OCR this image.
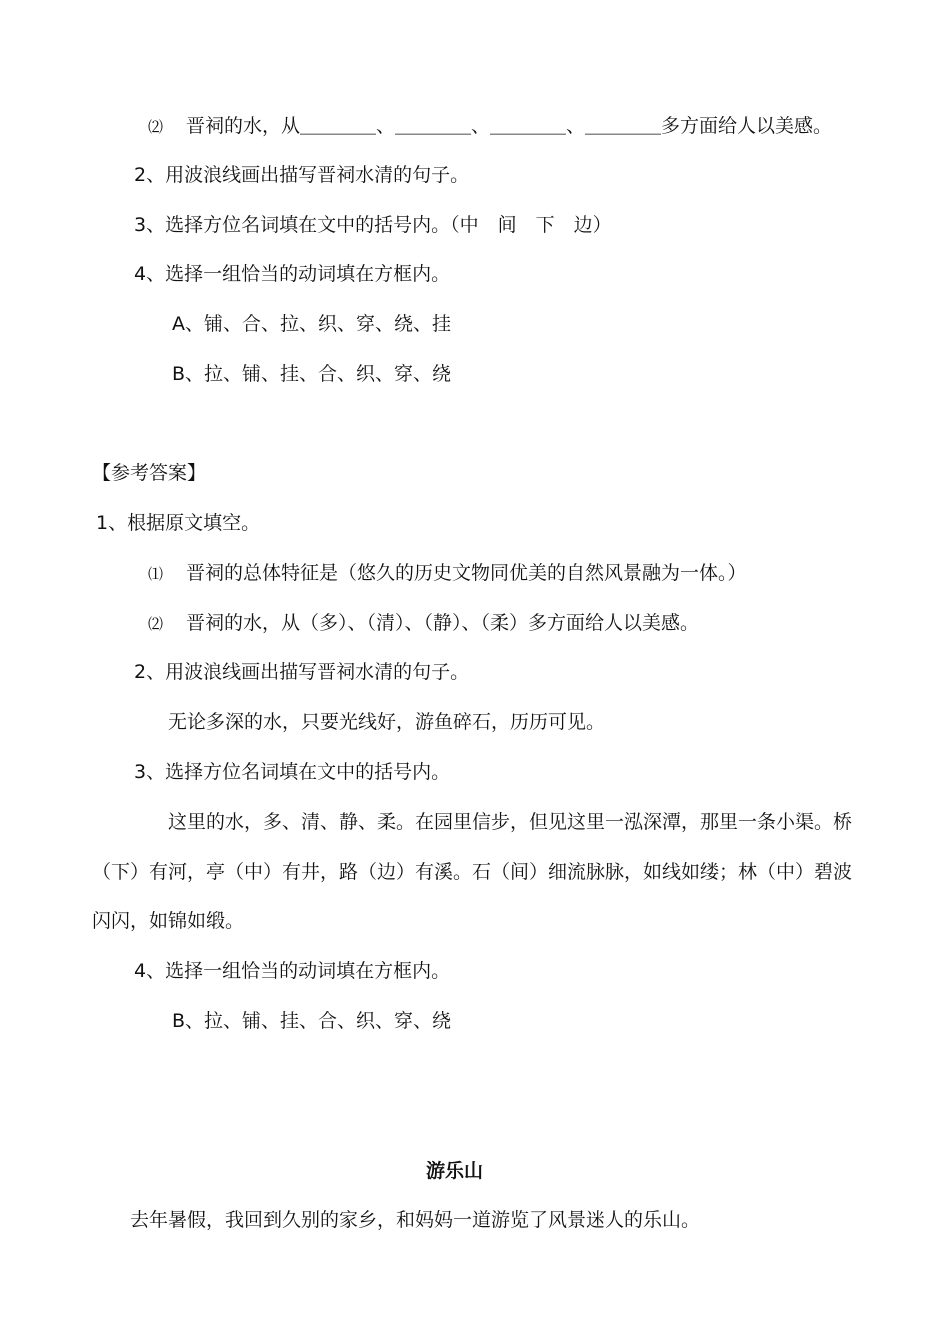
⑵ 晋祠的水，从＿＿＿＿、＿＿＿＿、＿＿＿＿、＿＿＿＿多方面给人以美感。
2、用波浪线画出描写晋祠水清的句子。
3、选择方位名词填在文中的括号内。（中　间　下　边）
4、选择一组恰当的动词填在方框内。
A、铺、合、拉、织、穿、绕、挂
B、拉、铺、挂、合、织、穿、绕
【参考答案】
1、根据原文填空。
⑴ 晋祠的总体特征是（悠久的历史文物同优美的自然风景融为一体。）
⑵ 晋祠的水，从（多）、（清）、（静）、（柔）多方面给人以美感。
2、用波浪线画出描写晋祠水清的句子。
无论多深的水，只要光线好，游鱼碎石，历历可见。
3、选择方位名词填在文中的括号内。
这里的水，多、清、静、柔。在园里信步，但见这里一泓深潭，那里一条小渠。桥
（下）有河，亭（中）有井，路（边）有溪。石（间）细流脉脉，如线如缕；林（中）碧波
闪闪，如锦如缎。
4、选择一组恰当的动词填在方框内。
B、拉、铺、挂、合、织、穿、绕
游乐山
去年暑假，我回到久别的家乡，和妈妈一道游览了风景迷人的乐山。
